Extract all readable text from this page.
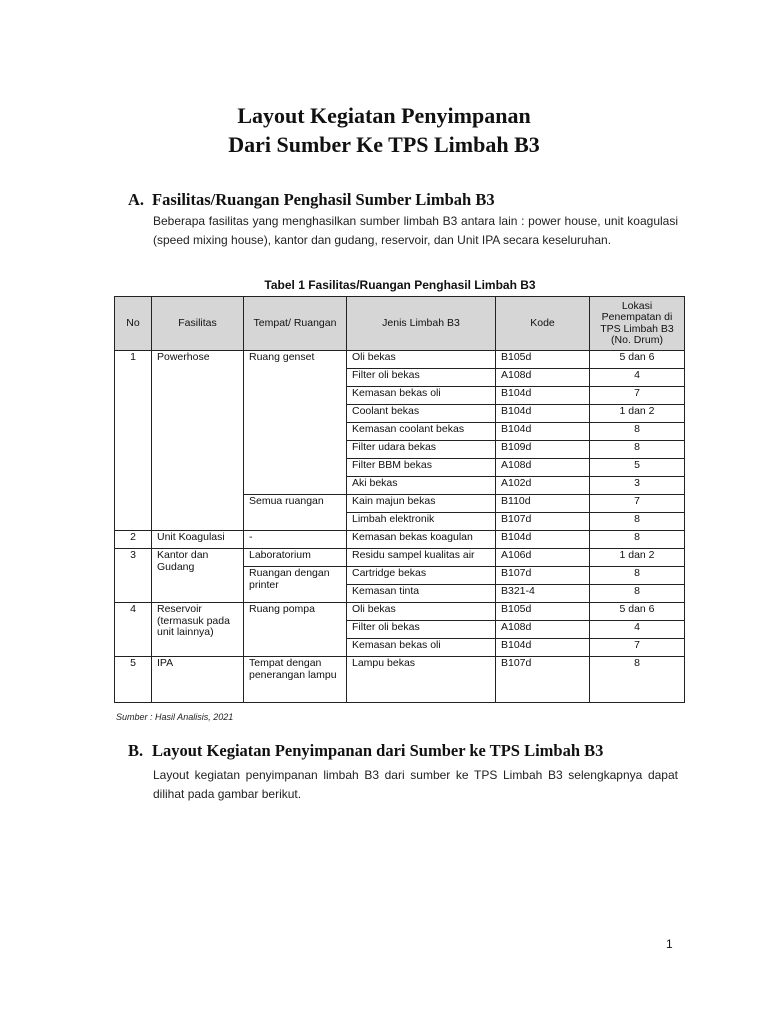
Layout Kegiatan Penyimpanan
Dari Sumber Ke TPS Limbah B3
A. Fasilitas/Ruangan Penghasil Sumber Limbah B3
Beberapa fasilitas yang menghasilkan sumber limbah B3 antara lain : power house, unit koagulasi (speed mixing house), kantor dan gudang, reservoir, dan Unit IPA secara keseluruhan.
Tabel 1 Fasilitas/Ruangan Penghasil Limbah B3
No	Fasilitas	Tempat/ Ruangan	Jenis Limbah B3	Kode	Lokasi Penempatan di TPS Limbah B3 (No. Drum)
1	Powerhose	Ruang genset	Oli bekas	B105d	5 dan 6
			Filter oli bekas	A108d	4
			Kemasan bekas oli	B104d	7
			Coolant bekas	B104d	1 dan 2
			Kemasan coolant bekas	B104d	8
			Filter udara bekas	B109d	8
			Filter BBM bekas	A108d	5
			Aki bekas	A102d	3
		Semua ruangan	Kain majun bekas	B110d	7
			Limbah elektronik	B107d	8
2	Unit Koagulasi	-	Kemasan bekas koagulan	B104d	8
3	Kantor dan Gudang	Laboratorium	Residu sampel kualitas air	A106d	1 dan 2
		Ruangan dengan printer	Cartridge bekas	B107d	8
			Kemasan tinta	B321-4	8
4	Reservoir (termasuk pada unit lainnya)	Ruang pompa	Oli bekas	B105d	5 dan 6
			Filter oli bekas	A108d	4
			Kemasan bekas oli	B104d	7
5	IPA	Tempat dengan penerangan lampu	Lampu bekas	B107d	8
Sumber : Hasil Analisis, 2021
B. Layout Kegiatan Penyimpanan dari Sumber ke TPS Limbah B3
Layout kegiatan penyimpanan limbah B3 dari sumber ke TPS Limbah B3 selengkapnya dapat dilihat pada gambar berikut.
1
